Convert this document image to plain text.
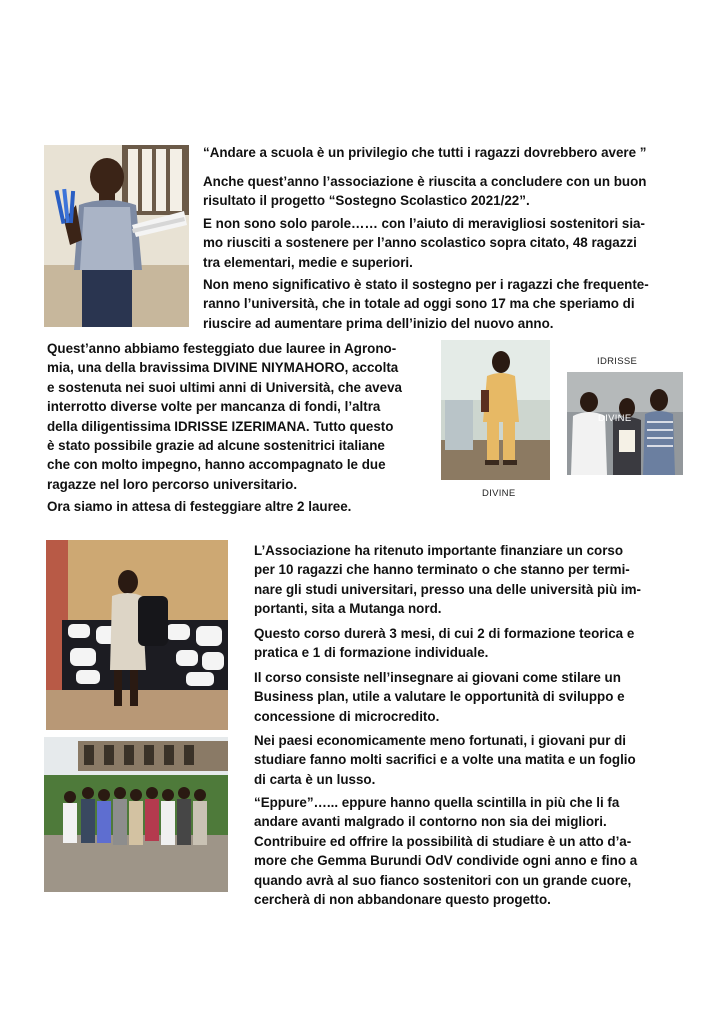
“Andare a scuola è un privilegio che tutti i ragazzi dovrebbero avere ”

Anche quest’anno l’associazione è riuscita a concludere con un buon
risultato il progetto “Sostegno Scolastico 2021/22”.

E non sono solo parole…… con l’aiuto di meravigliosi sostenitori sia-
mo riusciti a sostenere per l’anno scolastico sopra citato, 48 ragazzi
tra elementari, medie e superiori.

Non meno significativo è stato il sostegno per i ragazzi che frequente-
ranno l’università, che in totale ad oggi sono 17 ma che speriamo di
riuscire ad aumentare prima dell’inizio del nuovo anno.

Quest’anno abbiamo festeggiato due lauree in Agrono-
mia, una della bravissima DIVINE NIYMAHORO, accolta
e sostenuta nei suoi ultimi anni di Università, che aveva
interrotto diverse volte per mancanza di fondi, l’altra
della diligentissima IDRISSE IZERIMANA. Tutto questo
è stato possibile grazie ad alcune sostenitrici italiane
che con molto impegno, hanno accompagnato le due
ragazze nel loro percorso universitario.

Ora siamo in attesa di festeggiare altre 2 lauree.

IDRISSE
DIVINE
DIVINE

L’Associazione ha ritenuto importante finanziare un corso
per 10 ragazzi che hanno terminato o che stanno per termi-
nare gli studi universitari, presso una delle università più im-
portanti, sita a Mutanga nord.

Questo corso durerà 3 mesi, di cui 2 di formazione teorica e
pratica e 1 di formazione individuale.

Il corso consiste nell’insegnare ai giovani come stilare un
Business plan, utile a valutare le opportunità di sviluppo e
concessione di microcredito.

Nei paesi economicamente meno fortunati, i giovani pur di
studiare fanno molti sacrifici e a volte una matita e un foglio
di carta è un lusso.

“Eppure”…... eppure hanno quella scintilla in più che li fa
andare avanti malgrado il contorno non sia dei migliori.
Contribuire ed offrire la possibilità di studiare è un atto d’a-
more che Gemma Burundi OdV condivide ogni anno e fino a
quando avrà al suo fianco sostenitori con un grande cuore,
cercherà di non abbandonare questo progetto.
